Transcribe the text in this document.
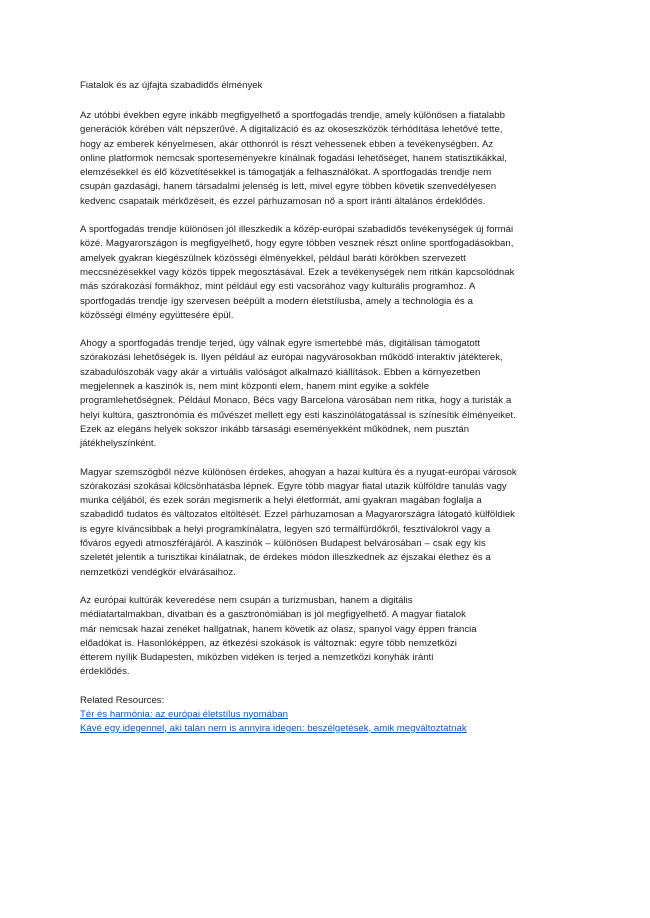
Fiatalok és az újfajta szabadidős élmények
Az utóbbi években egyre inkább megfigyelhető a sportfogadás trendje, amely különösen a fiatalabb
generációk körében vált népszerűvé. A digitalizáció és az okoseszközök térhódítása lehetővé tette,
hogy az emberek kényelmesen, akár otthonról is részt vehessenek ebben a tevékenységben. Az
online platformok nemcsak sporteseményekre kínálnak fogadási lehetőséget, hanem statisztikákkal,
elemzésekkel és élő közvetítésekkel is támogatják a felhasználókat. A sportfogadás trendje nem
csupán gazdasági, hanem társadalmi jelenség is lett, mivel egyre többen követik szenvedélyesen
kedvenc csapataik mérkőzéseit, és ezzel párhuzamosan nő a sport iránti általános érdeklődés.
A sportfogadás trendje különösen jól illeszkedik a közép-európai szabadidős tevékenységek új formái
közé. Magyarországon is megfigyelhető, hogy egyre többen vesznek részt online sportfogadásokban,
amelyek gyakran kiegészülnek közösségi élményekkel, például baráti körökben szervezett
meccsnézésekkel vagy közös tippek megosztásával. Ezek a tevékenységek nem ritkán kapcsolódnak
más szórakozási formákhoz, mint például egy esti vacsorához vagy kulturális programhoz. A
sportfogadás trendje így szervesen beépült a modern életstílusba, amely a technológia és a
közösségi élmény együttesére épül.
Ahogy a sportfogadás trendje terjed, úgy válnak egyre ismertebbé más, digitálisan támogatott
szórakozási lehetőségek is. Ilyen például az európai nagyvárosokban működő interaktív játékterek,
szabadulószobák vagy akár a virtuális valóságot alkalmazó kiállítások. Ebben a környezetben
megjelennek a kaszinók is, nem mint központi elem, hanem mint egyike a sokféle
programlehetőségnek. Például Monaco, Bécs vagy Barcelona városában nem ritka, hogy a turisták a
helyi kultúra, gasztronómia és művészet mellett egy esti kaszinólátogatással is színesítik élményeiket.
Ezek az elegáns helyek sokszor inkább társasági eseményekként működnek, nem pusztán
játékhelyszínként.
Magyar szemszögből nézve különösen érdekes, ahogyan a hazai kultúra és a nyugat-európai városok
szórakozási szokásai kölcsönhatásba lépnek. Egyre több magyar fiatal utazik külföldre tanulás vagy
munka céljából, és ezek során megismerik a helyi életformát, ami gyakran magában foglalja a
szabadidő tudatos és változatos eltöltését. Ezzel párhuzamosan a Magyarországra látogató külföldiek
is egyre kíváncsibbak a helyi programkínálatra, legyen szó termálfürdőkről, fesztiválokról vagy a
főváros egyedi atmoszférájáról. A kaszinók – különösen Budapest belvárosában – csak egy kis
szeletét jelentik a turisztikai kínálatnak, de érdekes módon illeszkednek az éjszakai élethez és a
nemzetközi vendégkör elvárásaihoz.
Az európai kultúrák keveredése nem csupán a turizmusban, hanem a digitális
médiatartalmakban, divatban és a gasztronómiában is jól megfigyelhető. A magyar fiatalok
már nemcsak hazai zenéket hallgatnak, hanem követik az olasz, spanyol vagy éppen francia
előadókat is. Hasonlóképpen, az étkezési szokások is változnak: egyre több nemzetközi
étterem nyílik Budapesten, miközben vidéken is terjed a nemzetközi konyhák iránti
érdeklődés.

Related Resources:

Tér és harmónia: az európai életstílus nyomában
Kávé egy idegennel, aki talán nem is annyira idegen: beszélgetések, amik megváltoztatnak
